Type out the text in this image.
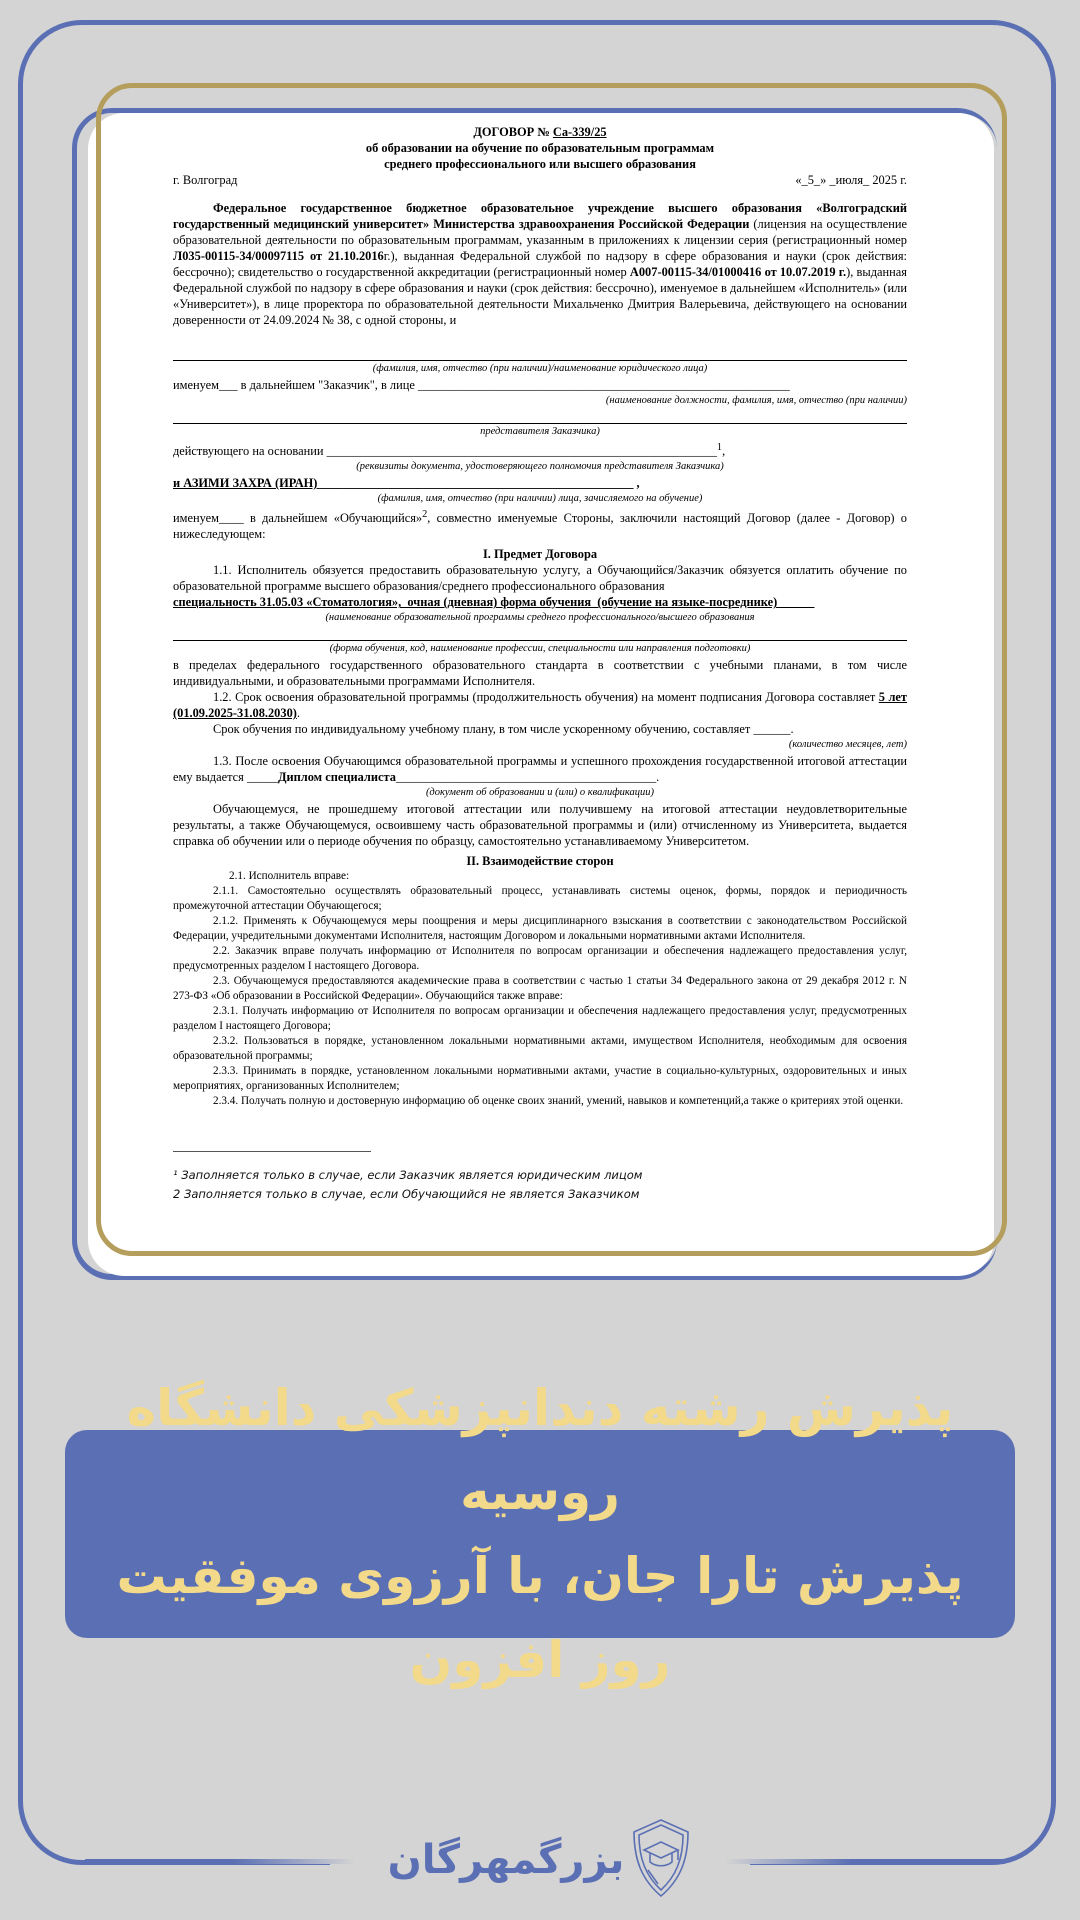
ДОГОВОР № Са-339/25

об образовании на обучение по образовательным программам

среднего профессионального или высшего образования

г. Волгоград	«_5_» _июля_ 2025 г.

Федеральное государственное бюджетное образовательное учреждение высшего образования «Волгоградский государственный медицинский университет» Министерства здравоохранения Российской Федерации (лицензия на осуществление образовательной деятельности по образовательным программам, указанным в приложениях к лицензии серия (регистрационный номер Л035-00115-34/00097115 от 21.10.2016г.), выданная Федеральной службой по надзору в сфере образования и науки (срок действия: бессрочно); свидетельство о государственной аккредитации (регистрационный номер А007-00115-34/01000416 от 10.07.2019 г.), выданная Федеральной службой по надзору в сфере образования и науки (срок действия: бессрочно), именуемое в дальнейшем «Исполнитель» (или «Университет»), в лице проректора по образовательной деятельности Михальченко Дмитрия Валерьевича, действующего на основании доверенности от 24.09.2024 № 38, с одной стороны, и

(фамилия, имя, отчество (при наличии)/наименование юридического лица)

именуем___ в дальнейшем "Заказчик", в лице ____________________________________________________________

(наименование должности, фамилия, имя, отчество (при наличии)

представителя Заказчика)

действующего на основании _______________________________________________________________$^1$,

(реквизиты документа, удостоверяющего полномочия представителя Заказчика)

и АЗИМИ ЗАХРА (ИРАН)___________________________________________________ ,

(фамилия, имя, отчество (при наличии) лица, зачисляемого на обучение)

именуем____ в дальнейшем «Обучающийся»$^2$, совместно именуемые Стороны, заключили настоящий Договор (далее - Договор) о нижеследующем:

I. Предмет Договора

1.1. Исполнитель обязуется предоставить образовательную услугу, а Обучающийся/Заказчик обязуется оплатить обучение по образовательной программе высшего образования/среднего профессионального образования

специальность 31.05.03 «Стоматология»,_очная (дневная) форма обучения_(обучение на языке-посреднике)______

(наименование образовательной программы среднего профессионального/высшего образования

(форма обучения, код, наименование профессии, специальности или направления подготовки)

в пределах федерального государственного образовательного стандарта в соответствии с учебными планами, в том числе индивидуальными, и образовательными программами Исполнителя.

1.2. Срок освоения образовательной программы (продолжительность обучения) на момент подписания Договора составляет 5 лет (01.09.2025-31.08.2030).

Срок обучения по индивидуальному учебному плану, в том числе ускоренному обучению, составляет ______.

(количество месяцев, лет)

1.3. После освоения Обучающимся образовательной программы и успешного прохождения государственной итоговой аттестации ему выдается _____Диплом специалиста__________________________________________.

(документ об образовании и (или) о квалификации)

Обучающемуся, не прошедшему итоговой аттестации или получившему на итоговой аттестации неудовлетворительные результаты, а также Обучающемуся, освоившему часть образовательной программы и (или) отчисленному из Университета, выдается справка об обучении или о периоде обучения по образцу, самостоятельно устанавливаемому Университетом.

II. Взаимодействие сторон

2.1. Исполнитель вправе:

2.1.1. Самостоятельно осуществлять образовательный процесс, устанавливать системы оценок, формы, порядок и периодичность промежуточной аттестации Обучающегося;

2.1.2. Применять к Обучающемуся меры поощрения и меры дисциплинарного взыскания в соответствии с законодательством Российской Федерации, учредительными документами Исполнителя, настоящим Договором и локальными нормативными актами Исполнителя.

2.2. Заказчик вправе получать информацию от Исполнителя по вопросам организации и обеспечения надлежащего предоставления услуг, предусмотренных разделом I настоящего Договора.

2.3. Обучающемуся предоставляются академические права в соответствии с частью 1 статьи 34 Федерального закона от 29 декабря 2012 г. N 273-ФЗ «Об образовании в Российской Федерации». Обучающийся также вправе:

2.3.1. Получать информацию от Исполнителя по вопросам организации и обеспечения надлежащего предоставления услуг, предусмотренных разделом I настоящего Договора;

2.3.2. Пользоваться в порядке, установленном локальными нормативными актами, имуществом Исполнителя, необходимым для освоения образовательной программы;

2.3.3. Принимать в порядке, установленном локальными нормативными актами, участие в социально-культурных, оздоровительных и иных мероприятиях, организованных Исполнителем;

2.3.4. Получать полную и достоверную информацию об оценке своих знаний, умений, навыков и компетенций,а также о критериях этой оценки.

¹ Заполняется только в случае, если Заказчик является юридическим лицом

2 Заполняется только в случае, если Обучающийся не является Заказчиком

پذیرش رشته دندانپزشکی دانشگاه روسیه
پذیرش تارا جان، با آرزوی موفقیت روز افزون
بزرگمهرگان
